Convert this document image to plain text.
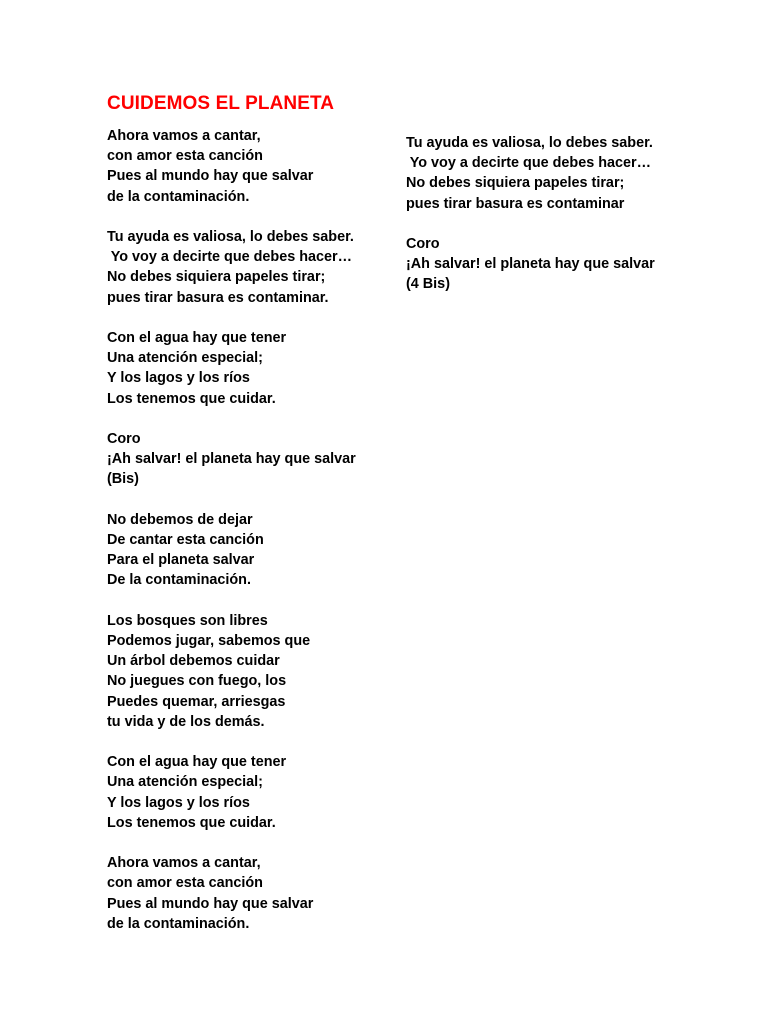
CUIDEMOS EL PLANETA
Ahora vamos a cantar,
con amor esta canción
Pues al mundo hay que salvar
de la contaminación.
Tu ayuda es valiosa, lo debes saber.
Yo voy a decirte que debes hacer…
No debes siquiera papeles tirar;
pues tirar basura es contaminar.
Con el agua hay que tener
Una atención especial;
Y los lagos y los ríos
Los tenemos que cuidar.
Coro
¡Ah salvar! el planeta hay que salvar
(Bis)
No debemos de dejar
De cantar esta canción
Para el planeta salvar
De la contaminación.
Los bosques son libres
Podemos jugar, sabemos que
Un árbol debemos cuidar
No juegues con fuego, los
Puedes quemar, arriesgas
tu vida y de los demás.
Con el agua hay que tener
Una atención especial;
Y los lagos y los ríos
Los tenemos que cuidar.
Ahora vamos a cantar,
con amor esta canción
Pues al mundo hay que salvar
de la contaminación.
Tu ayuda es valiosa, lo debes saber.
Yo voy a decirte que debes hacer…
No debes siquiera papeles tirar;
pues tirar basura es contaminar
Coro
¡Ah salvar! el planeta hay que salvar
(4 Bis)
